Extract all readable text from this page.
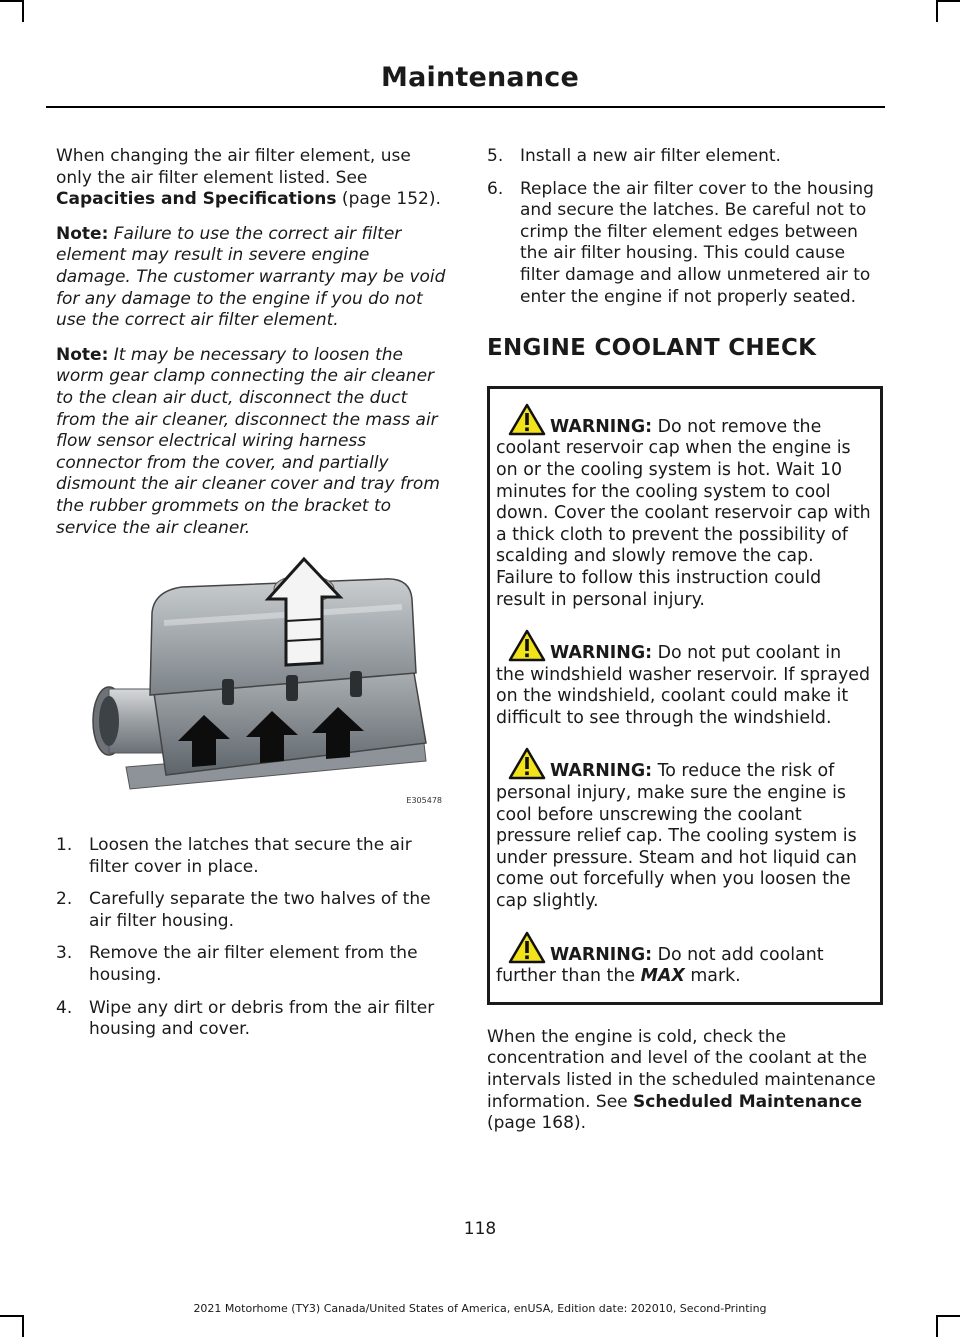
Maintenance

When changing the air filter element, use only the air filter element listed. See Capacities and Specifications (page 152).

Note: Failure to use the correct air filter element may result in severe engine damage. The customer warranty may be void for any damage to the engine if you do not use the correct air filter element.

Note: It may be necessary to loosen the worm gear clamp connecting the air cleaner to the clean air duct, disconnect the duct from the air cleaner, disconnect the mass air flow sensor electrical wiring harness connector from the cover, and partially dismount the air cleaner cover and tray from the rubber grommets on the bracket to service the air cleaner.

E305478
1. Loosen the latches that secure the air filter cover in place.
2. Carefully separate the two halves of the air filter housing.
3. Remove the air filter element from the housing.
4. Wipe any dirt or debris from the air filter housing and cover.
5. Install a new air filter element.
6. Replace the air filter cover to the housing and secure the latches. Be careful not to crimp the filter element edges between the air filter housing. This could cause filter damage and allow unmetered air to enter the engine if not properly seated.
ENGINE COOLANT CHECK
WARNING: Do not remove the coolant reservoir cap when the engine is on or the cooling system is hot. Wait 10 minutes for the cooling system to cool down. Cover the coolant reservoir cap with a thick cloth to prevent the possibility of scalding and slowly remove the cap. Failure to follow this instruction could result in personal injury.
WARNING: Do not put coolant in the windshield washer reservoir. If sprayed on the windshield, coolant could make it difficult to see through the windshield.
WARNING: To reduce the risk of personal injury, make sure the engine is cool before unscrewing the coolant pressure relief cap. The cooling system is under pressure. Steam and hot liquid can come out forcefully when you loosen the cap slightly.
WARNING: Do not add coolant further than the MAX mark.

When the engine is cold, check the concentration and level of the coolant at the intervals listed in the scheduled maintenance information. See Scheduled Maintenance (page 168).

118
2021 Motorhome (TY3) Canada/United States of America, enUSA, Edition date: 202010, Second-Printing
